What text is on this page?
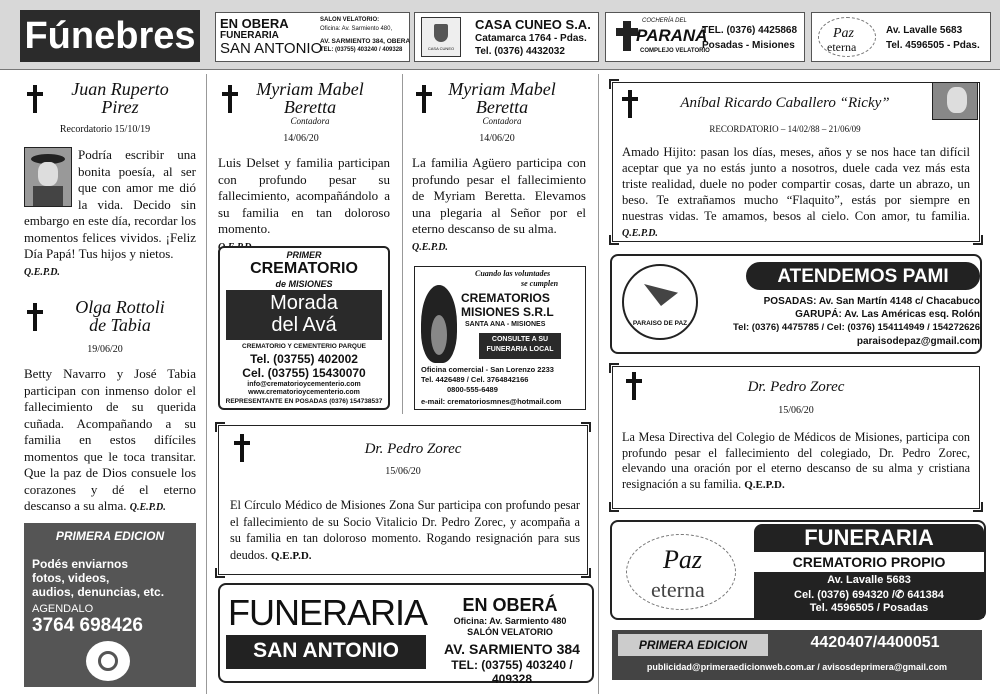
Fúnebres	EN OBERA
FUNERARIA
SAN ANTONIO
SALON VELATORIO:
Oficina: Av. Sarmiento 480,
AV. SARMIENTO 384, OBERA
TEL: (03755) 403240 / 409328	CASA CUNEO
CASA CUNEO S.A.
Catamarca 1764 - Pdas.
Tel. (0376) 4432032
COCHERÍA DEL
PARANÁ
COMPLEJO VELATORIO
TEL. (0376) 4425868
Posadas - Misiones
Paz
eterna
Av. Lavalle 5683
Tel. 4596505 - Pdas.
Juan Ruperto
Pirez
Recordatorio 15/10/19
Podría escribir una bonita poesía, al ser que con amor me dió la vida. Decido sin embargo en este día, recordar los momentos felices vividos. ¡Feliz Día Papá! Tus hijos y nietos.
Q.E.P.D.
Olga Rottoli
de Tabia
19/06/20
Betty Navarro y José Tabia participan con inmenso dolor el fallecimiento de su querida cuñada. Acompañando a su familia en estos difíciles momentos que le toca transitar. Que la paz de Dios consuele los corazones y dé el eterno descanso a su alma. Q.E.P.D.
PRIMERA EDICION
Podés enviarnos
fotos, videos,
audios, denuncias, etc.
AGENDALO
3764 698426
Myriam Mabel
Beretta
Contadora
14/06/20
Luis Delset y familia participan con profundo pesar su fallecimiento, acompañándolo a su familia en tan doloroso momento.

PRIMER
CREMATORIO
de MISIONES
Morada
del Avá
CREMATORIO Y CEMENTERIO PARQUE
Tel. (03755) 402002
Cel. (03755) 15430070
info@crematorioycementerio.com
www.crematorioycementerio.com
REPRESENTANTE EN POSADAS (0376) 154738537
Myriam Mabel
Beretta
Contadora
14/06/20
La familia Agüero participa con profundo pesar el fallecimiento de Myriam Beretta. Elevamos una plegaria al Señor por el eterno descanso de su alma.
Q.E.P.D.
Cuando las voluntades
se cumplen
CREMATORIOS
MISIONES S.R.L
SANTA ANA - MISIONES
CONSULTE A SU
FUNERARIA LOCAL
Oficina comercial - San Lorenzo 2233
Tel. 4426489 / Cel. 3764842166
0800-555-6489
e-mail: crematoriosmnes@hotmail.com
Dr. Pedro Zorec
15/06/20
El Círculo Médico de Misiones Zona Sur participa con profundo pesar el fallecimiento de su Socio Vitalicio Dr. Pedro Zorec, y acompaña a su familia en tan doloroso momento. Rogando resignación para sus deudos. Q.E.P.D.
FUNERARIA
SAN ANTONIO
EN OBERÁ
Oficina: Av. Sarmiento 480
SALÓN VELATORIO
AV. SARMIENTO 384
TEL: (03755) 403240 / 409328
Aníbal Ricardo Caballero “Ricky”
RECORDATORIO – 14/02/88 – 21/06/09
Amado Hijito: pasan los días, meses, años y se nos hace tan difícil aceptar que ya no estás junto a nosotros, duele cada vez más esta triste realidad, duele no poder compartir cosas, darte un abrazo, un beso. Te extrañamos mucho “Flaquito”, estás por siempre en nuestras vidas. Te amamos, besos al cielo. Con amor, tu familia. Q.E.P.D.
PARAISO DE PAZ
ATENDEMOS PAMI
POSADAS: Av. San Martín 4148 c/ Chacabuco
GARUPÁ: Av. Las Américas esq. Rolón
Tel: (0376) 4475785 / Cel: (0376) 154114949 / 154272626
paraisodepaz@gmail.com
Dr. Pedro Zorec
15/06/20
La Mesa Directiva del Colegio de Médicos de Misiones, participa con profundo pesar el fallecimiento del colegiado, Dr. Pedro Zorec, elevando una oración por el eterno descanso de su alma y cristiana resignación a su familia. Q.E.P.D.
Paz
eterna
FUNERARIA
CREMATORIO PROPIO
Av. Lavalle 5683
Cel. (0376) 694320 /✆ 641384
Tel. 4596505 / Posadas
PRIMERA EDICION	4420407/4400051
publicidad@primeraedicionweb.com.ar / avisosdeprimera@gmail.com
